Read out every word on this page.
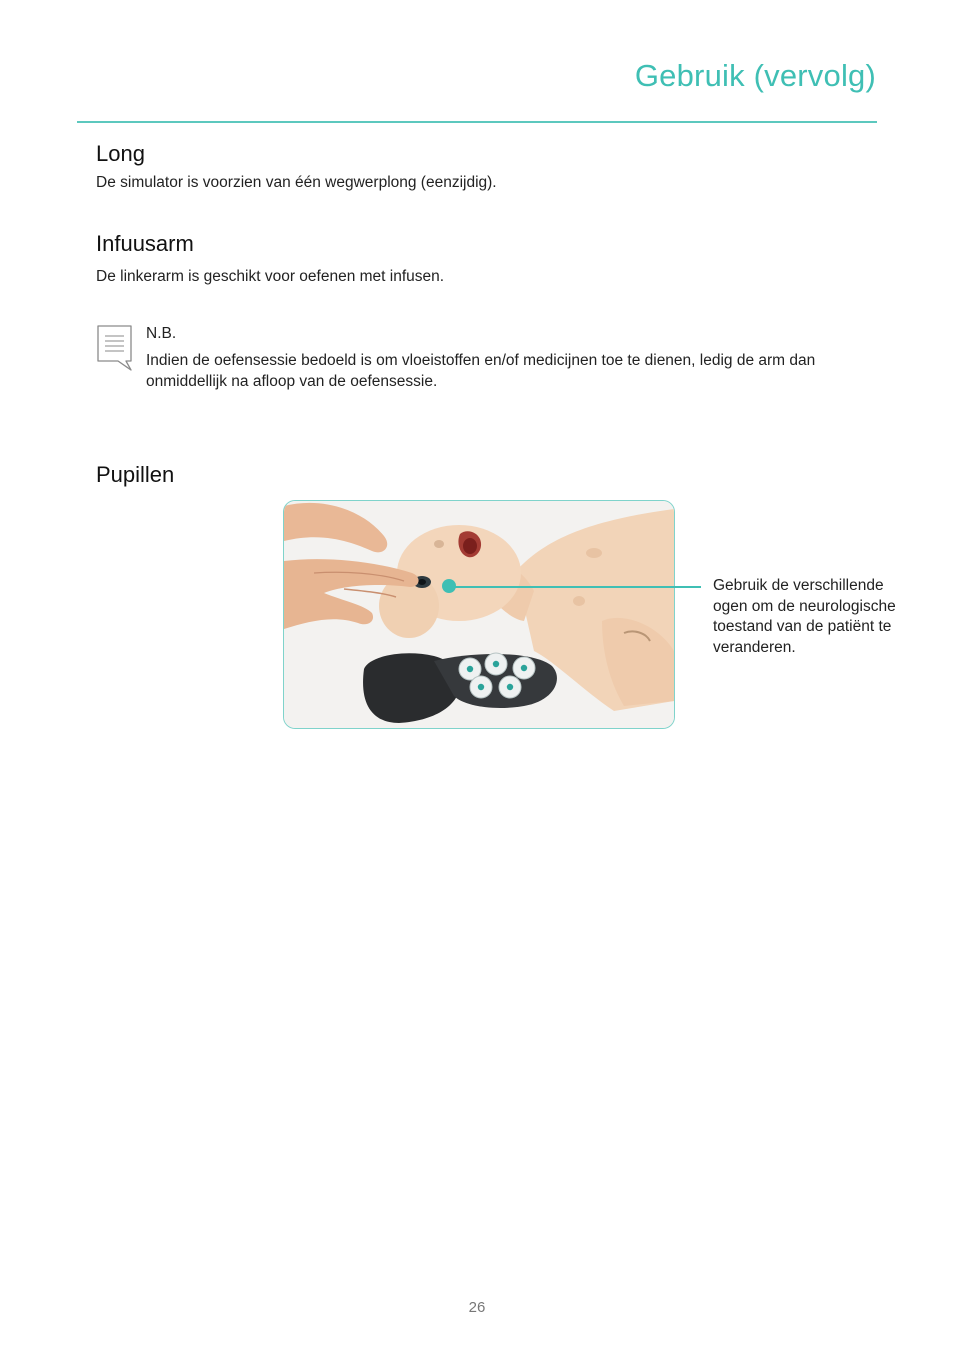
Gebruik (vervolg)
Long
De simulator is voorzien van één wegwerplong (eenzijdig).
Infuusarm
De linkerarm is geschikt voor oefenen met infusen.
N.B.
Indien de oefensessie bedoeld is om vloeistoffen en/of medicijnen toe te dienen, ledig de arm dan onmiddellijk na afloop van de oefensessie.
Pupillen
Gebruik de verschillende ogen om de neurologische toestand van de patiënt te veranderen.
26
